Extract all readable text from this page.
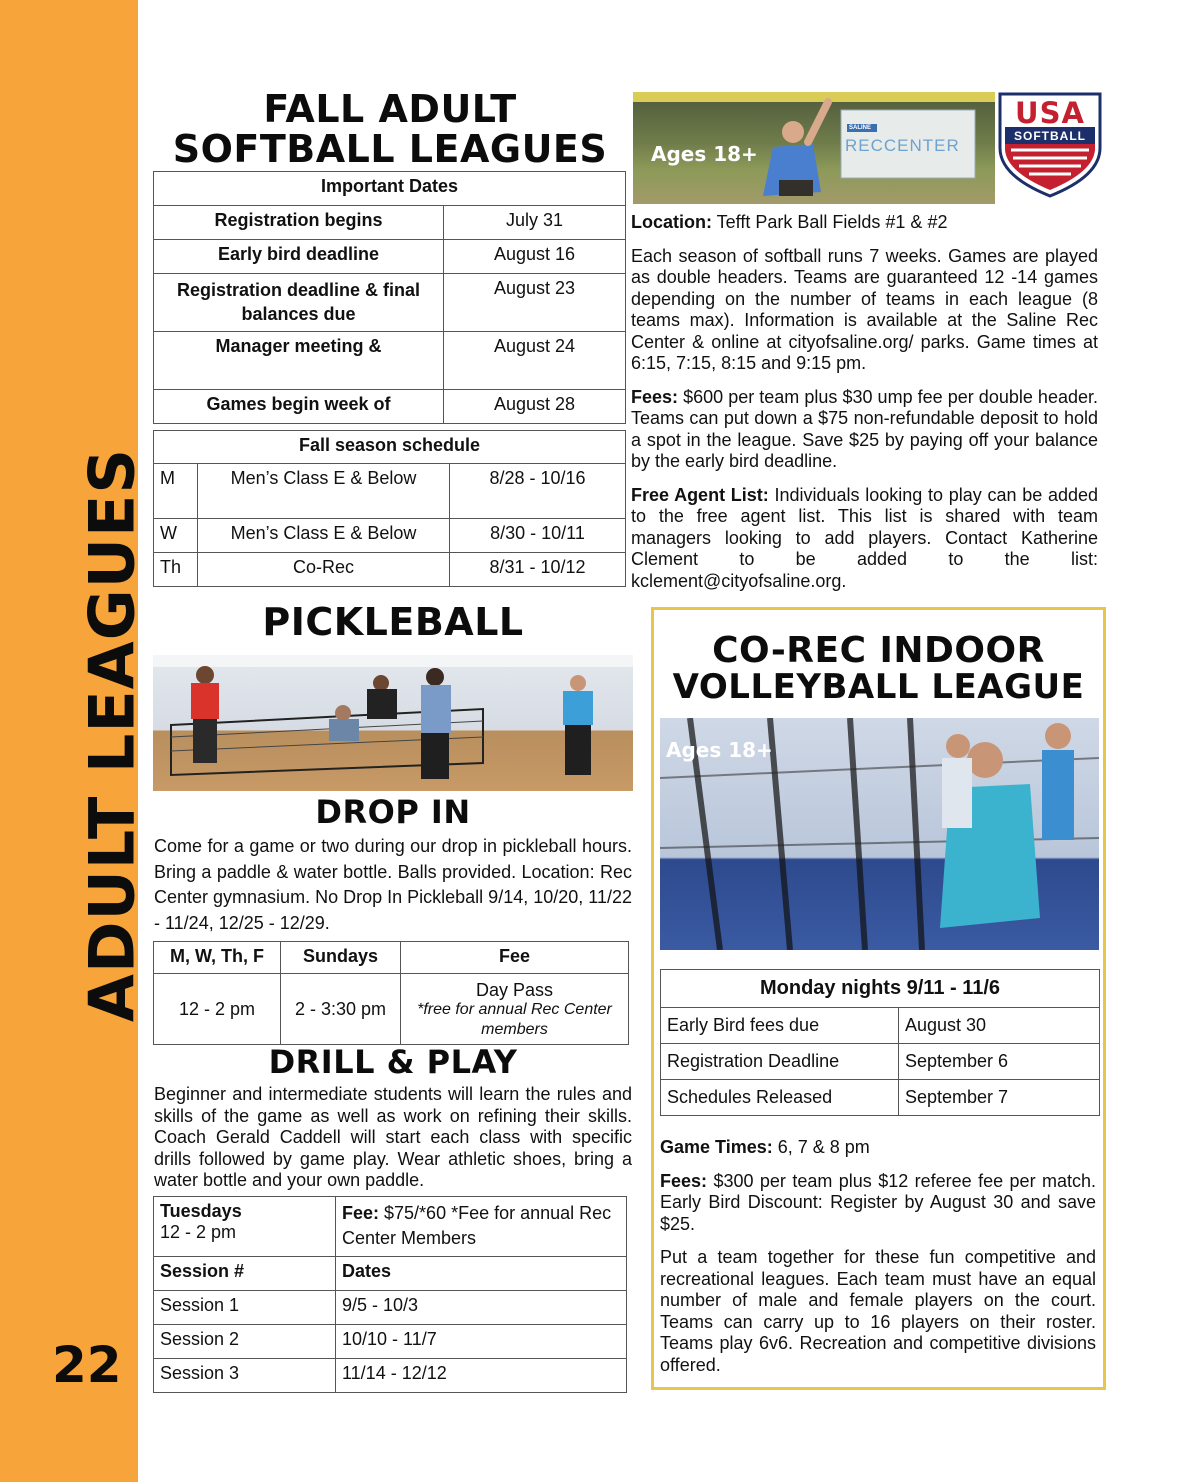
ADULT LEAGUES
22
FALL ADULT
SOFTBALL LEAGUES
Important Dates	
Registration begins	July 31
Early bird deadline	August 16
Registration deadline & final balances due	August 23
Manager meeting &	August 24
Games begin week of	August 28
Fall season schedule		
M	Men’s Class E & Below	8/28 - 10/16
W	Men’s Class E & Below	8/30 - 10/11
Th	Co-Rec	8/31 - 10/12
Ages 18+	RECCENTER
SALINE	USA
SOFTBALL

Location: Tefft Park Ball Fields #1 & #2

Each season of softball runs 7 weeks. Games are played as double headers. Teams are guaranteed 12 -14 games depending on the number of teams in each league (8 teams max). Information is available at the Saline Rec Center & online at cityofsaline.org/ parks. Game times at 6:15, 7:15, 8:15 and 9:15 pm.

Fees: $600 per team plus $30 ump fee per double header. Teams can put down a $75 non-refundable deposit to hold a spot in the league. Save $25 by paying off your balance by the early bird deadline.

Free Agent List: Individuals looking to play can be added to the free agent list. This list is shared with team managers looking to add players. Contact Katherine Clement to be added to the list: kclement@cityofsaline.org.

PICKLEBALL
DROP IN
Come for a game or two during our drop in pickleball hours. Bring a paddle & water bottle. Balls provided. Location: Rec Center gymnasium. No Drop In Pickleball 9/14, 10/20, 11/22 - 11/24, 12/25 - 12/29.
M, W, Th, F	Sundays	Fee
12 - 2 pm	2 - 3:30 pm	Day Pass
*free for annual Rec Center members
DRILL & PLAY
Beginner and intermediate students will learn the rules and skills of the game as well as work on refining their skills. Coach Gerald Caddell will start each class with specific drills followed by game play. Wear athletic shoes, bring a water bottle and your own paddle.
Tuesdays
12 - 2 pm	Fee: $75/*60 *Fee for annual Rec Center Members
Session #	Dates
Session 1	9/5 - 10/3
Session 2	10/10 - 11/7
Session 3	11/14 - 12/12
CO-REC INDOOR
VOLLEYBALL LEAGUE
Ages 18+
Monday nights 9/11 - 11/6	
Early Bird fees due	August 30
Registration Deadline	September 6
Schedules Released	September 7

Game Times: 6, 7 & 8 pm

Fees: $300 per team plus $12 referee fee per match. Early Bird Discount: Register by August 30 and save $25.

Put a team together for these fun competitive and recreational leagues. Each team must have an equal number of male and female players on the court. Teams can carry up to 16 players on their roster. Teams play 6v6. Recreation and competitive divisions offered.
